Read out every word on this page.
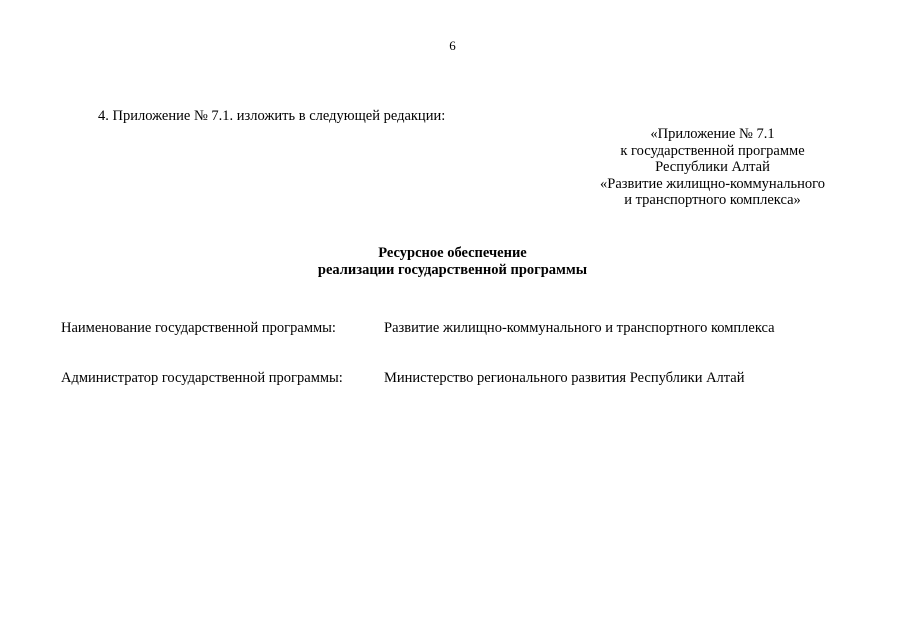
6
4. Приложение № 7.1. изложить в следующей редакции:
«Приложение № 7.1
к государственной программе
Республики Алтай
«Развитие жилищно-коммунального
и транспортного комплекса»
Ресурсное обеспечение
реализации государственной программы
Наименование государственной программы:	Развитие жилищно-коммунального и транспортного комплекса
Администратор государственной программы:	Министерство регионального развития Республики Алтай
